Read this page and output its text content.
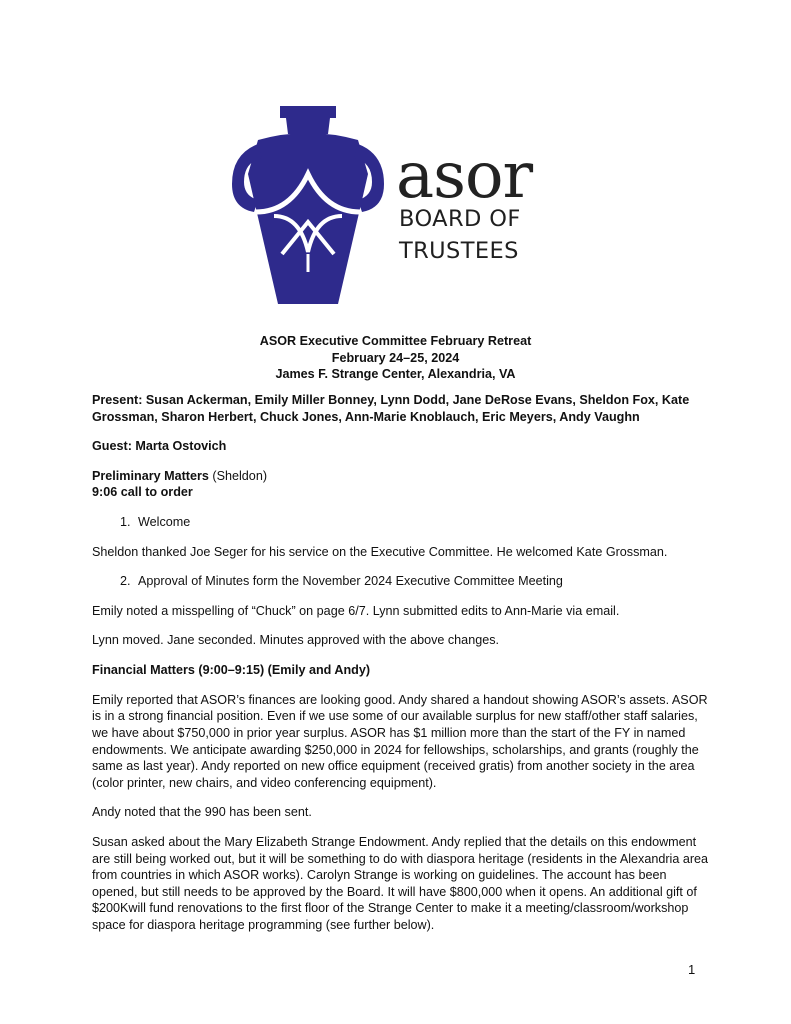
asor
BOARD OF
TRUSTEES
ASOR Executive Committee February Retreat
February 24–25, 2024
James F. Strange Center, Alexandria, VA

Present: Susan Ackerman, Emily Miller Bonney, Lynn Dodd, Jane DeRose Evans, Sheldon Fox, Kate Grossman, Sharon Herbert, Chuck Jones, Ann-Marie Knoblauch, Eric Meyers, Andy Vaughn

Guest: Marta Ostovich

Preliminary Matters (Sheldon)
9:06 call to order

1. Welcome

Sheldon thanked Joe Seger for his service on the Executive Committee. He welcomed Kate Grossman.

2. Approval of Minutes form the November 2024 Executive Committee Meeting

Emily noted a misspelling of “Chuck” on page 6/7. Lynn submitted edits to Ann-Marie via email.

Lynn moved. Jane seconded. Minutes approved with the above changes.

Financial Matters (9:00–9:15) (Emily and Andy)

Emily reported that ASOR’s finances are looking good. Andy shared a handout showing ASOR’s assets. ASOR is in a strong financial position. Even if we use some of our available surplus for new staff/other staff salaries, we have about $750,000 in prior year surplus. ASOR has $1 million more than the start of the FY in named endowments. We anticipate awarding $250,000 in 2024 for fellowships, scholarships, and grants (roughly the same as last year). Andy reported on new office equipment (received gratis) from another society in the area (color printer, new chairs, and video conferencing equipment).

Andy noted that the 990 has been sent.

Susan asked about the Mary Elizabeth Strange Endowment. Andy replied that the details on this endowment are still being worked out, but it will be something to do with diaspora heritage (residents in the Alexandria area from countries in which ASOR works). Carolyn Strange is working on guidelines. The account has been opened, but still needs to be approved by the Board. It will have $800,000 when it opens. An additional gift of $200Kwill fund renovations to the first floor of the Strange Center to make it a meeting/classroom/workshop space for diaspora heritage programming (see further below).

1
